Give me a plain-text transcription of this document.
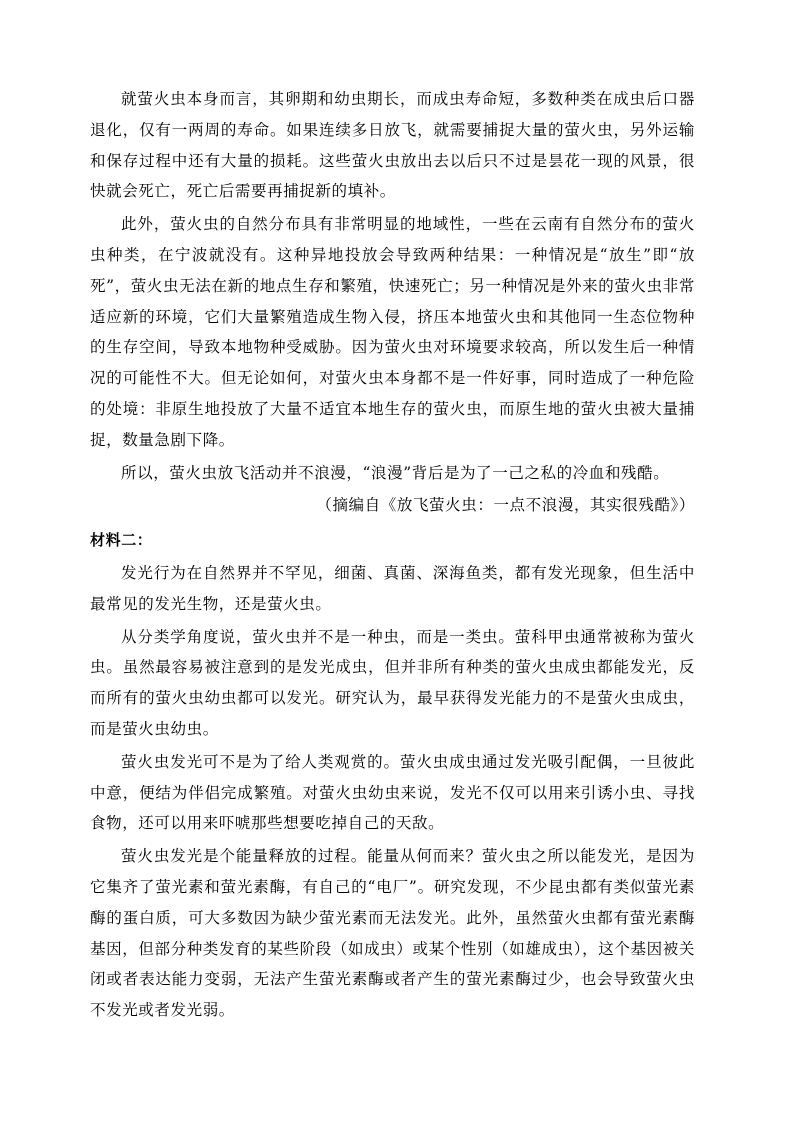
就萤火虫本身而言，其卵期和幼虫期长，而成虫寿命短，多数种类在成虫后口器退化，仅有一两周的寿命。如果连续多日放飞，就需要捕捉大量的萤火虫，另外运输和保存过程中还有大量的损耗。这些萤火虫放出去以后只不过是昙花一现的风景，很快就会死亡，死亡后需要再捕捉新的填补。

此外，萤火虫的自然分布具有非常明显的地域性，一些在云南有自然分布的萤火虫种类，在宁波就没有。这种异地投放会导致两种结果：一种情况是“放生”即“放死”，萤火虫无法在新的地点生存和繁殖，快速死亡；另一种情况是外来的萤火虫非常适应新的环境，它们大量繁殖造成生物入侵，挤压本地萤火虫和其他同一生态位物种的生存空间，导致本地物种受威胁。因为萤火虫对环境要求较高，所以发生后一种情况的可能性不大。但无论如何，对萤火虫本身都不是一件好事，同时造成了一种危险的处境：非原生地投放了大量不适宜本地生存的萤火虫，而原生地的萤火虫被大量捕捉，数量急剧下降。

所以，萤火虫放飞活动并不浪漫，“浪漫”背后是为了一己之私的冷血和残酷。

（摘编自《放飞萤火虫：一点不浪漫，其实很残酷》）

材料二：

发光行为在自然界并不罕见，细菌、真菌、深海鱼类，都有发光现象，但生活中最常见的发光生物，还是萤火虫。

从分类学角度说，萤火虫并不是一种虫，而是一类虫。萤科甲虫通常被称为萤火虫。虽然最容易被注意到的是发光成虫，但并非所有种类的萤火虫成虫都能发光，反而所有的萤火虫幼虫都可以发光。研究认为，最早获得发光能力的不是萤火虫成虫，而是萤火虫幼虫。

萤火虫发光可不是为了给人类观赏的。萤火虫成虫通过发光吸引配偶，一旦彼此中意，便结为伴侣完成繁殖。对萤火虫幼虫来说，发光不仅可以用来引诱小虫、寻找食物，还可以用来吓唬那些想要吃掉自己的天敌。

萤火虫发光是个能量释放的过程。能量从何而来？萤火虫之所以能发光，是因为它集齐了萤光素和萤光素酶，有自己的“电厂”。研究发现，不少昆虫都有类似萤光素酶的蛋白质，可大多数因为缺少萤光素而无法发光。此外，虽然萤火虫都有萤光素酶基因，但部分种类发育的某些阶段（如成虫）或某个性别（如雄成虫），这个基因被关闭或者表达能力变弱，无法产生萤光素酶或者产生的萤光素酶过少，也会导致萤火虫不发光或者发光弱。
